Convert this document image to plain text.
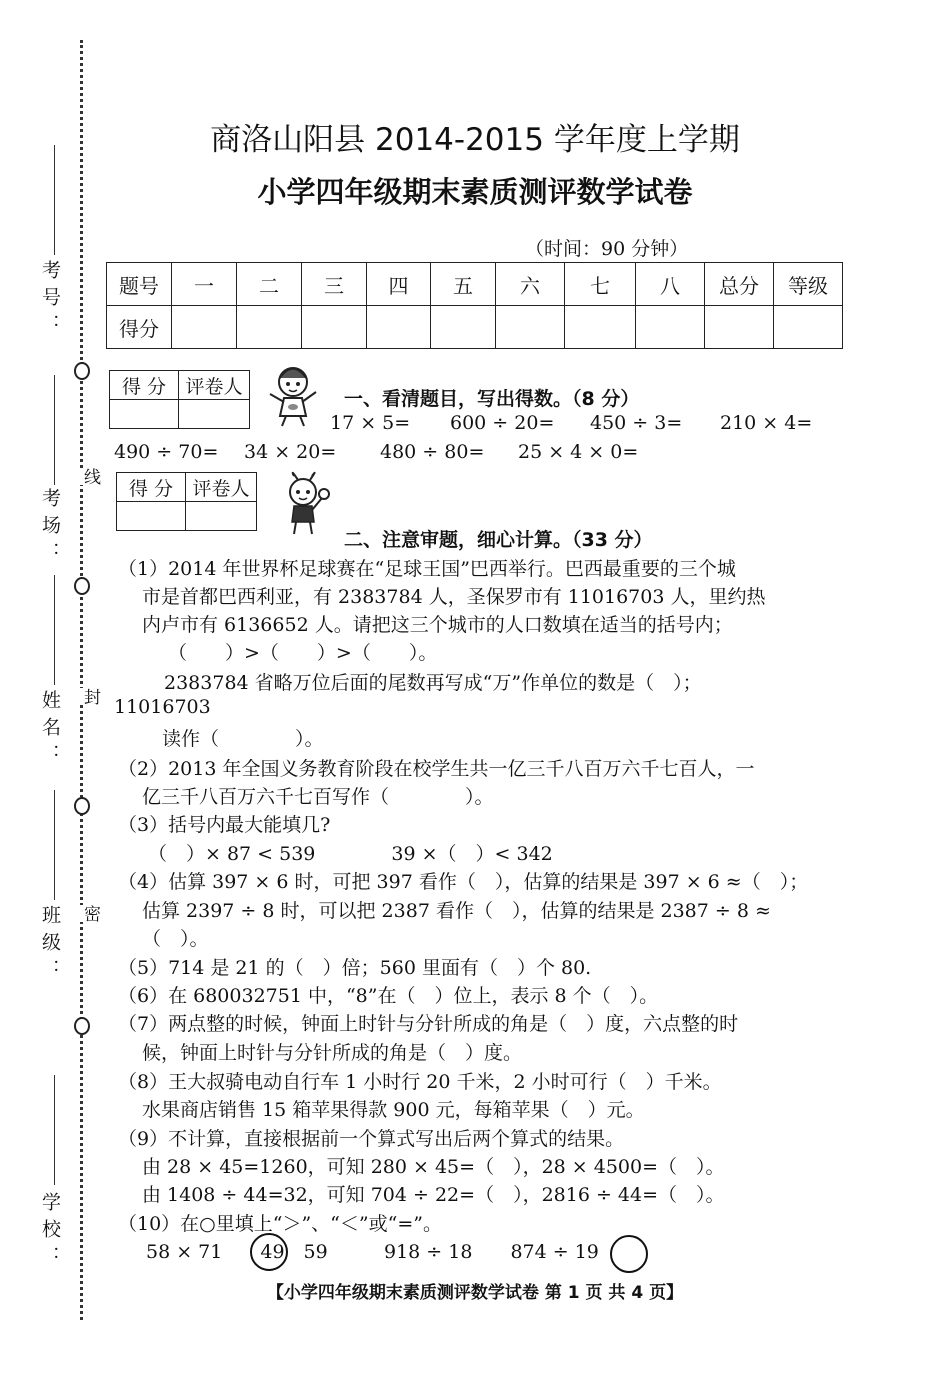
考号：
考场：
姓名：
班级：
学校：
线
封
密
商洛山阳县 2014-2015 学年度上学期
小学四年级期末素质测评数学试卷
（时间：90 分钟）
题号	一	二	三	四	五	六	七	八	总分	等级
得分										
得 分	评卷人

一、看清题目，写出得数。（8 分）
17 × 5= 600 ÷ 20= 450 ÷ 3= 210 × 4=
490 ÷ 70= 34 × 20= 480 ÷ 80= 25 × 4 × 0=
得 分	评卷人

二、注意审题，细心计算。（33 分）
（1）2014 年世界杯足球赛在“足球王国”巴西举行。巴西最重要的三个城
市是首都巴西利亚，有 2383784 人，圣保罗市有 11016703 人，里约热
内卢市有 6136652 人。请把这三个城市的人口数填在适当的括号内；
（　　）>（　　）>（　　）。
2383784 省略万位后面的尾数再写成“万”作单位的数是（　）；
11016703
读作（　　　　）。
（2）2013 年全国义务教育阶段在校学生共一亿三千八百万六千七百人，一
亿三千八百万六千七百写作（　　　　）。
（3）括号内最大能填几?
（　）× 87 < 539　　　　39 ×（　）< 342
（4）估算 397 × 6 时，可把 397 看作（　），估算的结果是 397 × 6 ≈（　）；
估算 2397 ÷ 8 时，可以把 2387 看作（　），估算的结果是 2387 ÷ 8 ≈
（　）。
（5）714 是 21 的（　）倍；560 里面有（　）个 80.
（6）在 680032751 中，“8”在（　）位上，表示 8 个（　）。
（7）两点整的时候，钟面上时针与分针所成的角是（　）度，六点整的时
候，钟面上时针与分针所成的角是（　）度。
（8）王大叔骑电动自行车 1 小时行 20 千米，2 小时可行（　）千米。
水果商店销售 15 箱苹果得款 900 元，每箱苹果（　）元。
（9）不计算，直接根据前一个算式写出后两个算式的结果。
由 28 × 45=1260，可知 280 × 45=（　），28 × 4500=（　）。
由 1408 ÷ 44=32，可知 704 ÷ 22=（　），2816 ÷ 44=（　）。
（10）在○里填上“＞”、“＜”或“=”。
58 × 71　　49　59	918 ÷ 18　　874 ÷ 19
【小学四年级期末素质测评数学试卷 第 1 页 共 4 页】
